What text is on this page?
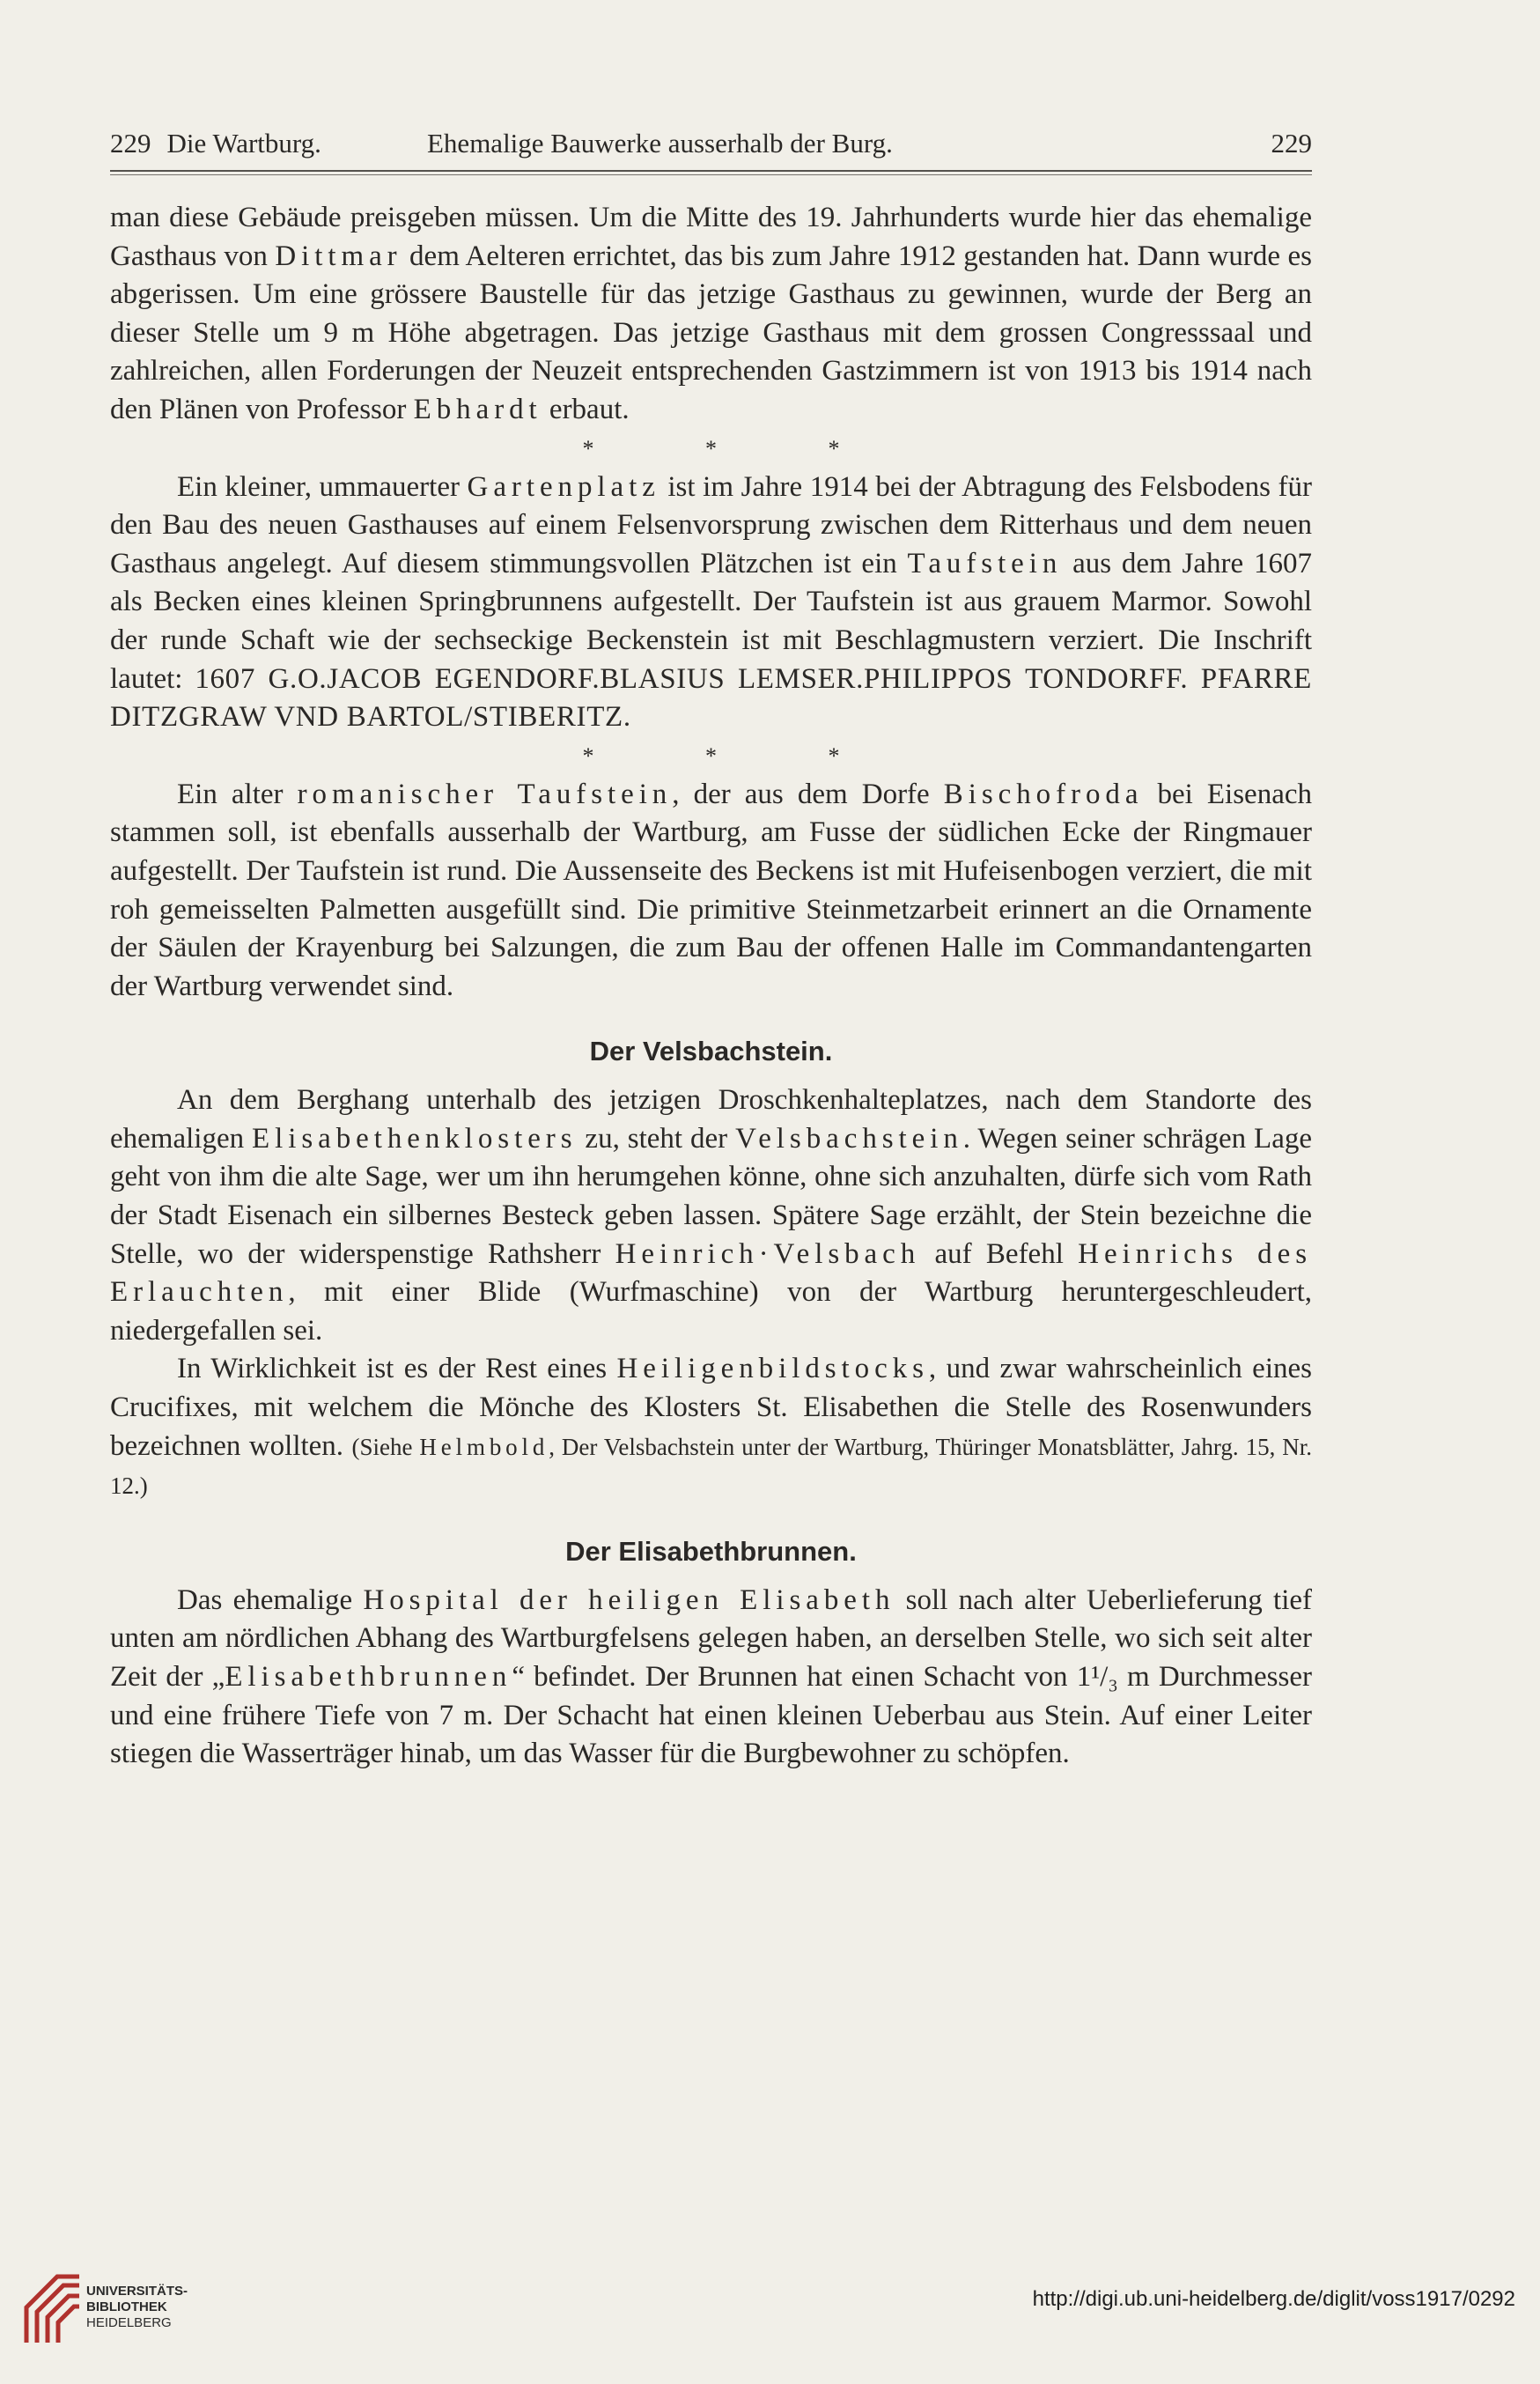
229 Die Wartburg.	Ehemalige Bauwerke ausserhalb der Burg.	229

man diese Gebäude preisgeben müssen. Um die Mitte des 19. Jahrhunderts wurde hier das ehemalige Gasthaus von Dittmar dem Aelteren errichtet, das bis zum Jahre 1912 gestanden hat. Dann wurde es abgerissen. Um eine grössere Baustelle für das jetzige Gasthaus zu gewinnen, wurde der Berg an dieser Stelle um 9 m Höhe abgetragen. Das jetzige Gasthaus mit dem grossen Congresssaal und zahlreichen, allen Forderungen der Neuzeit entsprechenden Gastzimmern ist von 1913 bis 1914 nach den Plänen von Professor Ebhardt erbaut.

* * *

Ein kleiner, ummauerter Gartenplatz ist im Jahre 1914 bei der Abtragung des Felsbodens für den Bau des neuen Gasthauses auf einem Felsenvorsprung zwischen dem Ritterhaus und dem neuen Gasthaus angelegt. Auf diesem stimmungsvollen Plätzchen ist ein Taufstein aus dem Jahre 1607 als Becken eines kleinen Springbrunnens aufgestellt. Der Taufstein ist aus grauem Marmor. Sowohl der runde Schaft wie der sechseckige Beckenstein ist mit Beschlagmustern verziert. Die Inschrift lautet: 1607 G.O.JACOB EGENDORF.BLASIUS LEMSER.PHILIPPOS TONDORFF. PFARRE DITZGRAW VND BARTOL/STIBERITZ.

* * *

Ein alter romanischer Taufstein, der aus dem Dorfe Bischofroda bei Eisenach stammen soll, ist ebenfalls ausserhalb der Wartburg, am Fusse der südlichen Ecke der Ringmauer aufgestellt. Der Taufstein ist rund. Die Aussenseite des Beckens ist mit Hufeisenbogen verziert, die mit roh gemeisselten Palmetten ausgefüllt sind. Die primitive Steinmetzarbeit erinnert an die Ornamente der Säulen der Krayenburg bei Salzungen, die zum Bau der offenen Halle im Commandantengarten der Wartburg verwendet sind.

Der Velsbachstein.

An dem Berghang unterhalb des jetzigen Droschkenhalteplatzes, nach dem Standorte des ehemaligen Elisabethenklosters zu, steht der Velsbachstein. Wegen seiner schrägen Lage geht von ihm die alte Sage, wer um ihn herumgehen könne, ohne sich anzuhalten, dürfe sich vom Rath der Stadt Eisenach ein silbernes Besteck geben lassen. Spätere Sage erzählt, der Stein bezeichne die Stelle, wo der widerspenstige Rathsherr Heinrich·Velsbach auf Befehl Heinrichs des Erlauchten, mit einer Blide (Wurfmaschine) von der Wartburg heruntergeschleudert, niedergefallen sei.

In Wirklichkeit ist es der Rest eines Heiligenbildstocks, und zwar wahrscheinlich eines Crucifixes, mit welchem die Mönche des Klosters St. Elisabethen die Stelle des Rosenwunders bezeichnen wollten. (Siehe Helmbold, Der Velsbachstein unter der Wartburg, Thüringer Monatsblätter, Jahrg. 15, Nr. 12.)

Der Elisabethbrunnen.

Das ehemalige Hospital der heiligen Elisabeth soll nach alter Ueberlieferung tief unten am nördlichen Abhang des Wartburgfelsens gelegen haben, an derselben Stelle, wo sich seit alter Zeit der „Elisabethbrunnen“ befindet. Der Brunnen hat einen Schacht von 1¹/₃ m Durchmesser und eine frühere Tiefe von 7 m. Der Schacht hat einen kleinen Ueberbau aus Stein. Auf einer Leiter stiegen die Wasserträger hinab, um das Wasser für die Burgbewohner zu schöpfen.

UNIVERSITÄTS-
BIBLIOTHEK
HEIDELBERG
http://digi.ub.uni-heidelberg.de/diglit/voss1917/0292
